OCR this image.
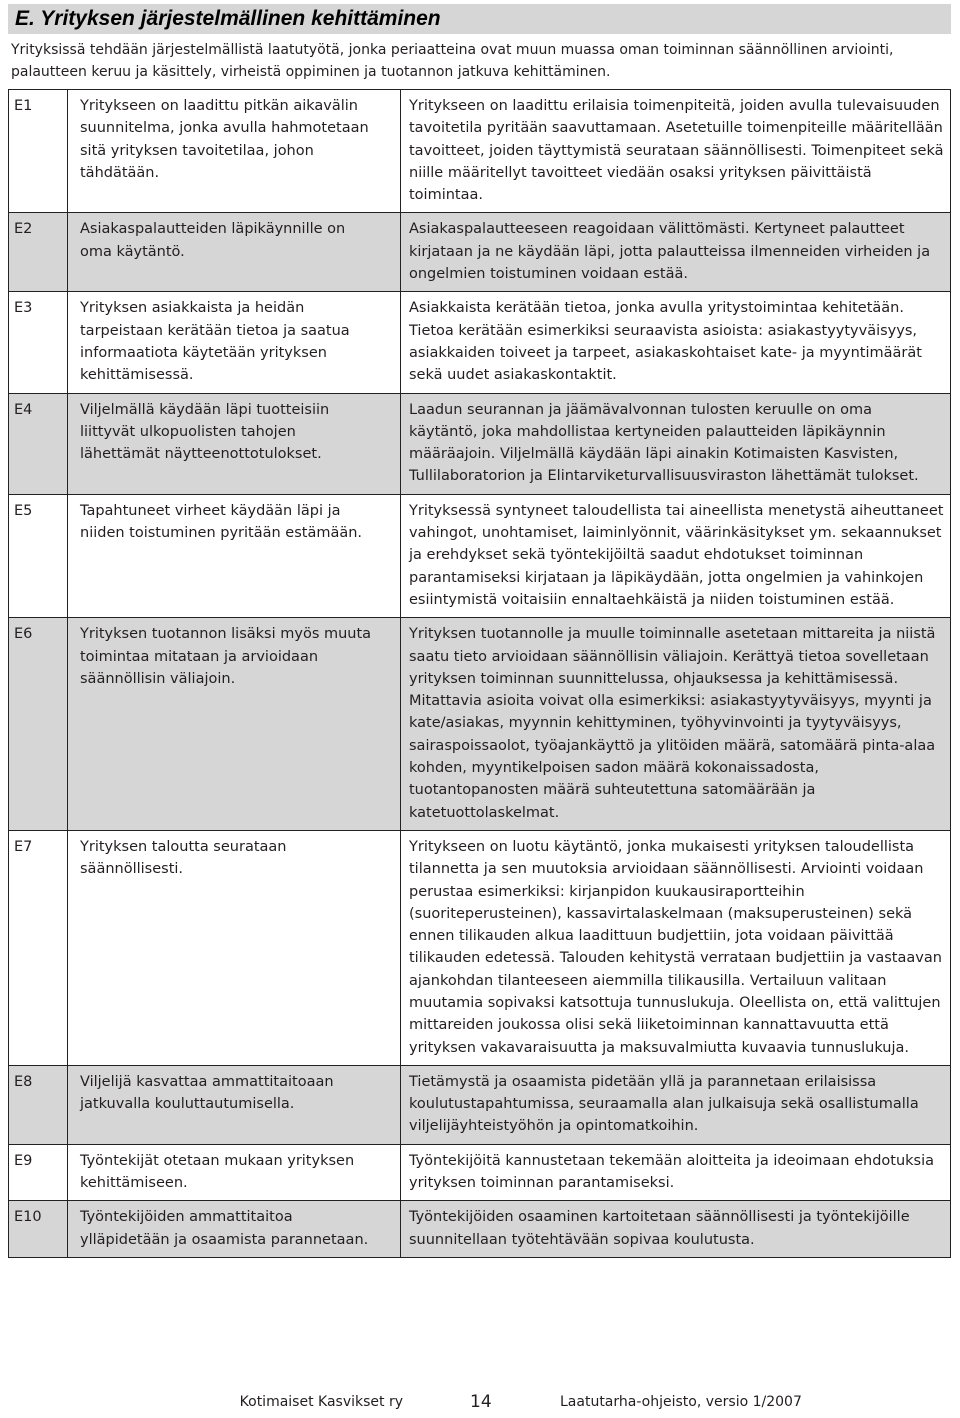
E. Yrityksen järjestelmällinen kehittäminen
Yrityksissä tehdään järjestelmällistä laatutyötä, jonka periaatteina ovat muun muassa oman toiminnan säännöllinen arviointi, palautteen keruu ja käsittely, virheistä oppiminen ja tuotannon jatkuva kehittäminen.
E1	Yritykseen on laadittu pitkän aikavälin suunnitelma, jonka avulla hahmotetaan sitä yrityksen tavoitetilaa, johon tähdätään.	Yritykseen on laadittu erilaisia toimenpiteitä, joiden avulla tulevaisuuden tavoitetila pyritään saavuttamaan. Asetetuille toimenpiteille määritellään tavoitteet, joiden täyttymistä seurataan säännöllisesti. Toimenpiteet sekä niille määritellyt tavoitteet viedään osaksi yrityksen päivittäistä toimintaa.
E2	Asiakaspalautteiden läpikäynnille on oma käytäntö.	Asiakaspalautteeseen reagoidaan välittömästi. Kertyneet palautteet kirjataan ja ne käydään läpi, jotta palautteissa ilmenneiden virheiden ja ongelmien toistuminen voidaan estää.
E3	Yrityksen asiakkaista ja heidän tarpeistaan kerätään tietoa ja saatua informaatiota käytetään yrityksen kehittämisessä.	Asiakkaista kerätään tietoa, jonka avulla yritystoimintaa kehitetään. Tietoa kerätään esimerkiksi seuraavista asioista: asiakastyytyväisyys, asiakkaiden toiveet ja tarpeet, asiakaskohtaiset kate- ja myyntimäärät sekä uudet asiakaskontaktit.
E4	Viljelmällä käydään läpi tuotteisiin liittyvät ulkopuolisten tahojen lähettämät näytteenottotulokset.	Laadun seurannan ja jäämävalvonnan tulosten keruulle on oma käytäntö, joka mahdollistaa kertyneiden palautteiden läpikäynnin määräajoin. Viljelmällä käydään läpi ainakin Kotimaisten Kasvisten, Tullilaboratorion ja Elintarviketurvallisuusviraston lähettämät tulokset.
E5	Tapahtuneet virheet käydään läpi ja niiden toistuminen pyritään estämään.	Yrityksessä syntyneet taloudellista tai aineellista menetystä aiheuttaneet vahingot, unohtamiset, laiminlyönnit, väärinkäsitykset ym. sekaannukset ja erehdykset sekä työntekijöiltä saadut ehdotukset toiminnan parantamiseksi kirjataan ja läpikäydään, jotta ongelmien ja vahinkojen esiintymistä voitaisiin ennaltaehkäistä ja niiden toistuminen estää.
E6	Yrityksen tuotannon lisäksi myös muuta toimintaa mitataan ja arvioidaan säännöllisin väliajoin.	Yrityksen tuotannolle ja muulle toiminnalle asetetaan mittareita ja niistä saatu tieto arvioidaan säännöllisin väliajoin. Kerättyä tietoa sovelletaan yrityksen toiminnan suunnittelussa, ohjauksessa ja kehittämisessä. Mitattavia asioita voivat olla esimerkiksi: asiakastyytyväisyys, myynti ja kate/asiakas, myynnin kehittyminen, työhyvinvointi ja tyytyväisyys, sairaspoissaolot, työajankäyttö ja ylitöiden määrä, satomäärä pinta-alaa kohden, myyntikelpoisen sadon määrä kokonaissadosta, tuotantopanosten määrä suhteutettuna satomäärään ja katetuottolaskelmat.
E7	Yrityksen taloutta seurataan säännöllisesti.	Yritykseen on luotu käytäntö, jonka mukaisesti yrityksen taloudellista tilannetta ja sen muutoksia arvioidaan säännöllisesti. Arviointi voidaan perustaa esimerkiksi: kirjanpidon kuukausiraportteihin (suoriteperusteinen), kassavirtalaskelmaan (maksuperusteinen) sekä ennen tilikauden alkua laadittuun budjettiin, jota voidaan päivittää tilikauden edetessä. Talouden kehitystä verrataan budjettiin ja vastaavan ajankohdan tilanteeseen aiemmilla tilikausilla. Vertailuun valitaan muutamia sopivaksi katsottuja tunnuslukuja. Oleellista on, että valittujen mittareiden joukossa olisi sekä liiketoiminnan kannattavuutta että yrityksen vakavaraisuutta ja maksuvalmiutta kuvaavia tunnuslukuja.
E8	Viljelijä kasvattaa ammattitaitoaan jatkuvalla kouluttautumisella.	Tietämystä ja osaamista pidetään yllä ja parannetaan erilaisissa koulutustapahtumissa, seuraamalla alan julkaisuja sekä osallistumalla viljelijäyhteistyöhön ja opintomatkoihin.
E9	Työntekijät otetaan mukaan yrityksen kehittämiseen.	Työntekijöitä kannustetaan tekemään aloitteita ja ideoimaan ehdotuksia yrityksen toiminnan parantamiseksi.
E10	Työntekijöiden ammattitaitoa ylläpidetään ja osaamista parannetaan.	Työntekijöiden osaaminen kartoitetaan säännöllisesti ja työntekijöille suunnitellaan työtehtävään sopivaa koulutusta.
14	Laatutarha-ohjeisto, versio 1/2007
Kotimaiset Kasvikset ry
